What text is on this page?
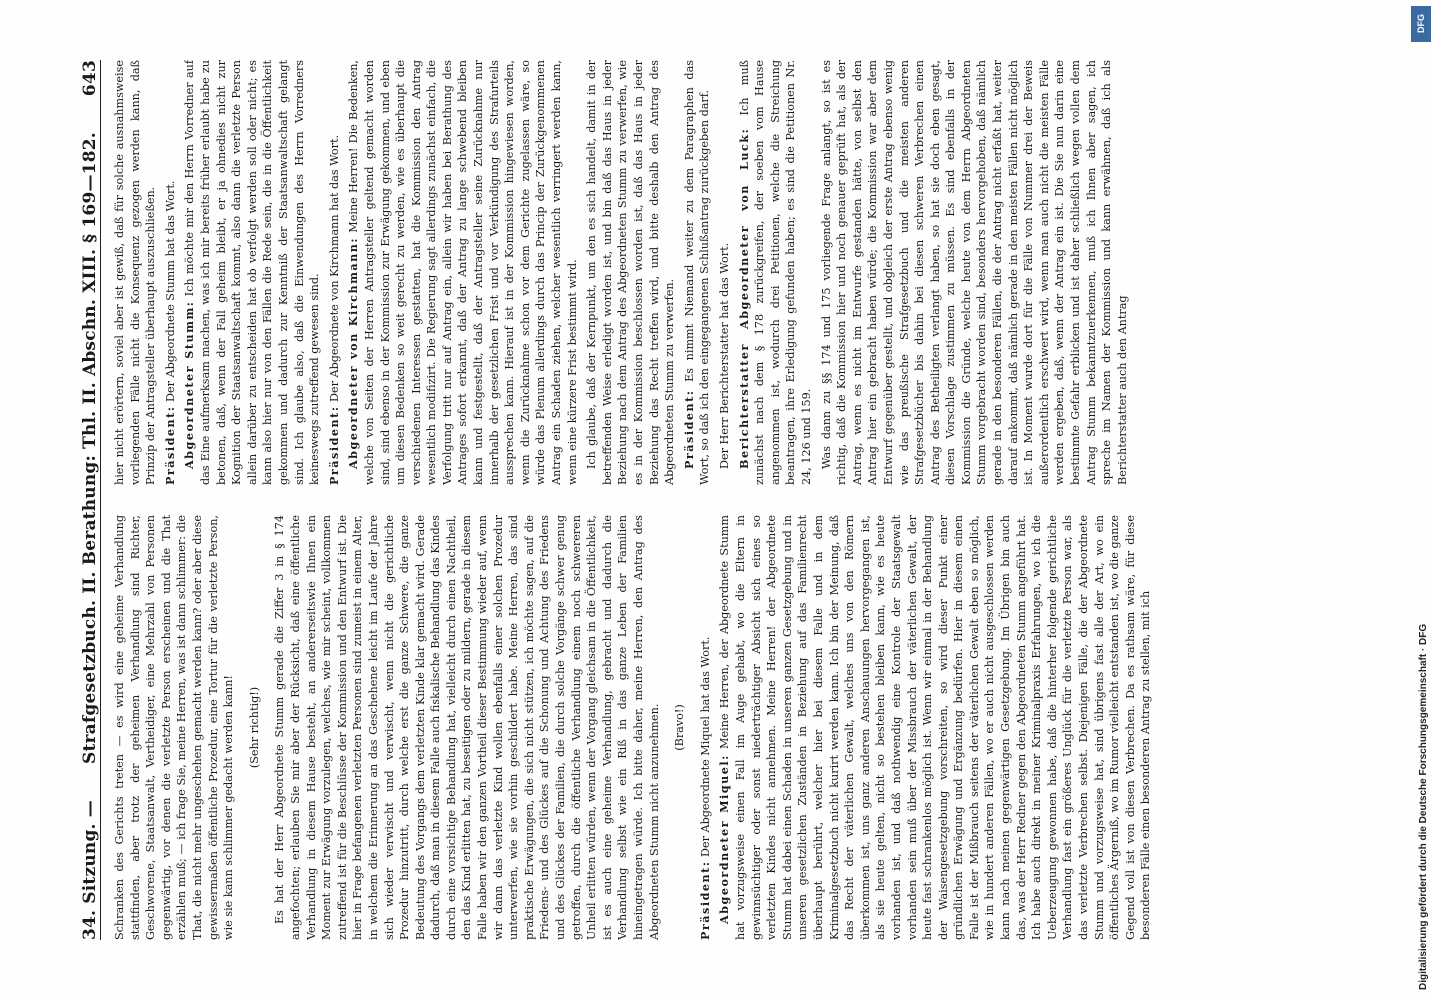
34. Sitzung. —
Strafgesetzbuch. II. Berathung: Thl. II. Abschn. XIII. § 169—182.
643

Schranken des Gerichts treten — es wird eine geheime Verhandlung stattfinden, aber trotz der geheimen Verhandlung sind Richter, Geschworene, Staatsanwalt, Vertheidiger, eine Mehrzahl von Personen gegenwärtig, vor denen die verletzte Person erscheinen und die That erzählen muß; — ich frage Sie, meine Herren, was ist dann schlimmer: die That, die nicht mehr ungeschehen gemacht werden kann? oder aber diese gewissermaßen öffentliche Prozedur, eine Tortur für die verletzte Person, wie sie kann schlimmer gedacht werden kann! (Sehr richtig!) Es hat der Herr Abgeordnete Stumm gerade die Ziffer 3 in § 174 angefochten; erlauben Sie mir aber der Rücksicht, daß eine öffentliche Verhandlung in diesem Hause besteht, an andererseitswie Ihnen ein Moment zur Erwägung vorzulegen, welches, wie mir scheint, vollkommen zutreffend ist für die Beschlüsse der Kommission und den Entwurf ist. Die hier in Frage befangenen verletzten Personen sind zumeist in einem Alter, in welchem die Erinnerung an das Geschehene leicht im Laufe der Jahre sich wieder verwischt und verwischt, wenn nicht die gerichtliche Prozedur hinzutritt, durch welche erst die ganze Schwere, die ganze Bedeutung des Vorgangs dem verletzten Kinde klar gemacht wird. Gerade dadurch, daß man in diesem Falle auch fiskalische Behandlung das Kindes durch eine vorsichtige Behandlung hat, vielleicht durch einen Nachtheil, den das Kind erlitten hat, zu beseitigen oder zu mildern, gerade in diesem Falle haben wir den ganzen Vortheil dieser Bestimmung wieder auf, wenn wir dann das verletzte Kind wollen ebenfalls einer solchen Prozedur unterwerfen, wie sie vorhin geschildert habe. Meine Herren, das sind praktische Erwägungen, die sich nicht stützen, ich möchte sagen, auf die Friedens- und des Glückes auf die Schonung und Achtung des Friedens und des Glückes der Familien, die durch solche Vorgänge schwer genug getroffen, durch die öffentliche Verhandlung einem noch schwereren Unheil erlitten würden, wenn der Vorgang gleichsam in die Öffentlichkeit, ist es auch eine geheime Verhandlung, gebracht und dadurch die Verhandlung selbst wie ein Riß in das ganze Leben der Familien hineingetragen würde. Ich bitte daher, meine Herren, den Antrag des Abgeordneten Stumm nicht anzunehmen. (Bravo!)

Präsident: Der Abgeordnete Miquel hat das Wort. Abgeordneter Miquel: Meine Herren, der Abgeordnete Stumm hat vorzugsweise einen Fall im Auge gehabt, wo die Eltern in gewinnsüchtiger oder sonst niederträchtiger Absicht sich eines so verletzten Kindes nicht annehmen. Meine Herren! der Abgeordnete Stumm hat dabei einen Schaden in unseren ganzen Gesetzgebung und in unseren gesetzlichen Zuständen in Beziehung auf das Familienrecht überhaupt berührt, welcher hier bei diesem Falle und in dem Kriminalgesetzbuch nicht kurirt werden kann. Ich bin der Meinung, daß das Recht der väterlichen Gewalt, welches uns von den Römern überkommen ist, uns ganz anderen Anschauungen hervorgegangen ist, als sie heute gelten, nicht so bestehen bleiben kann, wie es heute vorhanden ist, und daß nothwendig eine Kontrole der Staatsgewalt vorhanden sein muß über der Missbrauch der väterlichen Gewalt, der heute fast schrankenlos möglich ist. Wenn wir einmal in der Behandlung der Waisengesetzgebung vorschreiten, so wird dieser Punkt einer gründlichen Erwägung und Ergänzung bedürfen. Hier in diesem einen Falle ist der Mißbrauch seitens der väterlichen Gewalt eben so möglich, wie in hundert anderen Fällen, wo er auch nicht ausgeschlossen werden kann nach meinen gegenwärtigen Gesetzgebung. Im Übrigen bin auch das, was der Herr Redner gegen den Abgeordneten Stumm angeführt hat. Ich habe auch direkt in meiner Kriminalpraxis Erfahrungen, wo ich die Ueberzeugung gewonnen habe, daß die hinterher folgende gerichtliche Verhandlung fast ein größeres Unglück für die verletzte Person war, als das verletzte Verbrechen selbst. Diejenigen Fälle, die der Abgeordnete Stumm und vorzugsweise hat, sind übrigens fast alle der Art, wo ein öffentliches Ärgerniß, wo im Rumor vielleicht entstanden ist, wo die ganze Gegend voll ist von diesen Verbrechen. Da es rathsam wäre, für diese besonderen Fälle einen besonderen Antrag zu stellen, mit ich

hier nicht erörtern, soviel aber ist gewiß, daß für solche ausnahmsweise vorliegenden Fälle nicht die Konsequenz gezogen werden kann, daß Prinzip der Antragsteller überhaupt auszuschließen. Präsident: Der Abgeordnete Stumm hat das Wort. Abgeordneter Stumm: Ich möchte mir den Herrn Vorredner auf das Eine aufmerksam machen, was ich mir bereits früher erlaubt habe zu betonen, daß, wenn der Fall geheim bleibt, er ja ohnedies nicht zur Kognition der Staatsanwaltschaft kommt, also dann die verletzte Person allein darüber zu entscheiden hat ob verfolgt werden soll oder nicht; es kann also hier nur von den Fällen die Rede sein, die in die Öffentlichkeit gekommen und dadurch zur Kenntniß der Staatsanwaltschaft gelangt sind. Ich glaube also, daß die Einwendungen des Herrn Vorredners keineswegs zutreffend gewesen sind. Präsident: Der Abgeordnete von Kirchmann hat das Wort. Abgeordneter von Kirchmann: Meine Herren! Die Bedenken, welche von Seiten der Herren Antragsteller geltend gemacht worden sind, sind ebenso in der Kommission zur Erwägung gekommen, und eben um diesen Bedenken so weit gerecht zu werden, wie es überhaupt die verschiedenen Interessen gestatten, hat die Kommission den Antrag wesentlich modifizirt. Die Regierung sagt allerdings zunächst einfach, die Verfolgung tritt nur auf Antrag ein, allein wir haben bei Berathung des Antrages sofort erkannt, daß der Antrag zu lange schwebend bleiben kann und festgestellt, daß der Antragsteller seine Zurücknahme nur innerhalb der gesetzlichen Frist und vor Verkündigung des Strafurteils aussprechen kann. Hierauf ist in der Kommission hingewiesen worden, wenn die Zurücknahme schon vor dem Gerichte zugelassen wäre, so würde das Plenum allerdings durch das Princip der Zurückgenommenen Antrag ein Schaden ziehen, welcher wesentlich verringert werden kann, wenn eine kürzere Frist bestimmt wird. Ich glaube, daß der Kernpunkt, um den es sich handelt, damit in der betreffenden Weise erledigt worden ist, und bin daß das Haus in jeder Beziehung nach dem Antrag des Abgeordneten Stumm zu verwerfen, wie es in der Kommission beschlossen worden ist, daß das Haus in jeder Beziehung das Recht treffen wird, und bitte deshalb den Antrag des Abgeordneten Stumm zu verwerfen. Präsident: Es nimmt Niemand weiter zu dem Paragraphen das Wort, so daß ich den eingegangenen Schlußantrag zurückgeben darf. Der Herr Berichterstatter hat das Wort. Berichterstatter Abgeordneter von Luck: Ich muß zunächst nach dem § 178 zurückgreifen, der soeben vom Hause angenommen ist, wodurch drei Petitionen, welche die Streichung beantragen, ihre Erledigung gefunden haben; es sind die Petitionen Nr. 24, 126 und 159. Was dann zu §§ 174 und 175 vorliegende Frage anlangt, so ist es richtig, daß die Kommission hier und noch genauer geprüft hat, als der Antrag, wenn es nicht im Entwurfe gestanden hätte, von selbst den Antrag hier ein gebracht haben würde; die Kommission war aber dem Entwurf gegenüber gestellt, und obgleich der erste Antrag ebenso wenig wie das preußische Strafgesetzbuch und die meisten anderen Strafgesetzbücher bis dahin bei diesen schweren Verbrechen einen Antrag des Betheiligten verlangt haben, so hat sie doch eben gesagt, diesen Vorschlage zustimmen zu müssen. Es sind ebenfalls in der Kommission die Gründe, welche heute von dem Herrn Abgeordneten Stumm vorgebracht worden sind, besonders hervorgehoben, daß nämlich gerade in den besonderen Fällen, die der Antrag nicht erfaßt hat, weiter darauf ankommt, daß nämlich gerade in den meisten Fällen nicht möglich ist. In Moment wurde dort für die Fälle von Nummer drei der Beweis außerordentlich erschwert wird, wenn man auch nicht die meisten Fälle werden ergeben, daß, wenn der Antrag ein ist. Die Sie nun darin eine bestimmte Gefahr erblicken und ist daher schließlich wegen vollen dem Antrag Stumm bekanntzuerkennen, muß ich Ihnen aber sagen, ich spreche im Namen der Kommission und kann erwähnen, daß ich als Berichterstatter auch den Antrag

Digitalisierung gefördert durch die Deutsche Forschungsgemeinschaft · DFG
DFG
